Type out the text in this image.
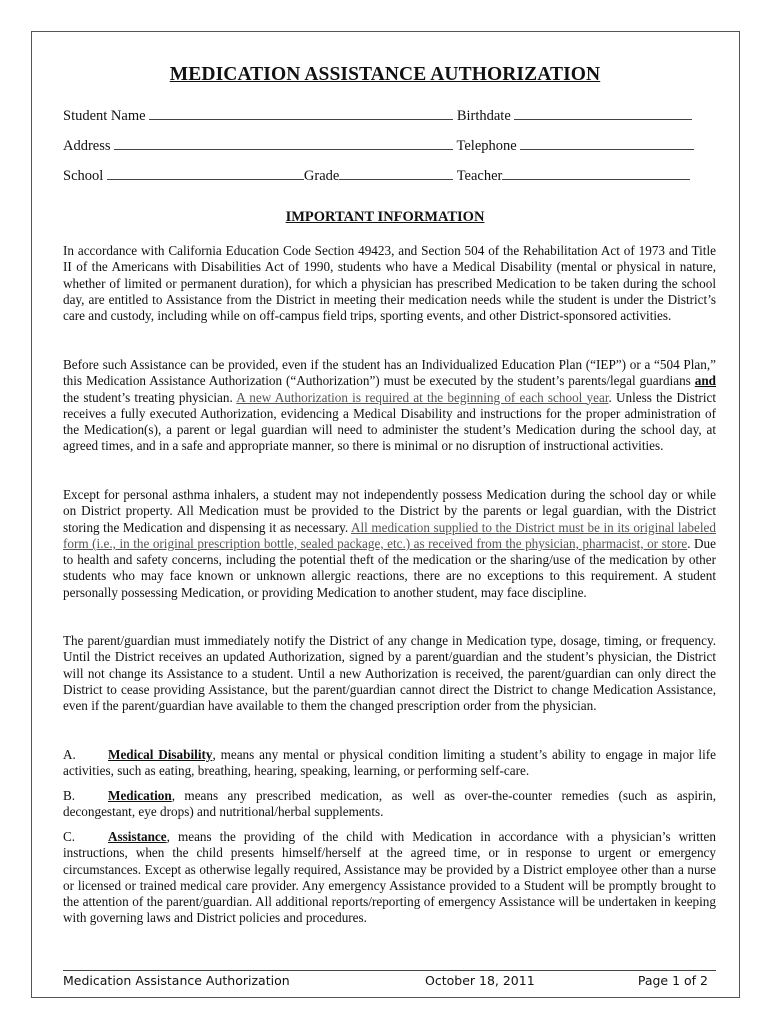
MEDICATION ASSISTANCE AUTHORIZATION
Student Name	Birthdate
Address	Telephone
School	Grade	Teacher
IMPORTANT INFORMATION

In accordance with California Education Code Section 49423, and Section 504 of the Rehabilitation Act of 1973 and Title II of the Americans with Disabilities Act of 1990, students who have a Medical Disability (mental or physical in nature, whether of limited or permanent duration), for which a physician has prescribed Medication to be taken during the school day, are entitled to Assistance from the District in meeting their medication needs while the student is under the District’s care and custody, including while on off-campus field trips, sporting events, and other District-sponsored activities.

Before such Assistance can be provided, even if the student has an Individualized Education Plan (“IEP”) or a “504 Plan,” this Medication Assistance Authorization (“Authorization”) must be executed by the student’s parents/legal guardians and the student’s treating physician. A new Authorization is required at the beginning of each school year. Unless the District receives a fully executed Authorization, evidencing a Medical Disability and instructions for the proper administration of the Medication(s), a parent or legal guardian will need to administer the student’s Medication during the school day, at agreed times, and in a safe and appropriate manner, so there is minimal or no disruption of instructional activities.

Except for personal asthma inhalers, a student may not independently possess Medication during the school day or while on District property. All Medication must be provided to the District by the parents or legal guardian, with the District storing the Medication and dispensing it as necessary. All medication supplied to the District must be in its original labeled form (i.e., in the original prescription bottle, sealed package, etc.) as received from the physician, pharmacist, or store. Due to health and safety concerns, including the potential theft of the medication or the sharing/use of the medication by other students who may face known or unknown allergic reactions, there are no exceptions to this requirement. A student personally possessing Medication, or providing Medication to another student, may face discipline.

The parent/guardian must immediately notify the District of any change in Medication type, dosage, timing, or frequency. Until the District receives an updated Authorization, signed by a parent/guardian and the student’s physician, the District will not change its Assistance to a student. Until a new Authorization is received, the parent/guardian can only direct the District to cease providing Assistance, but the parent/guardian cannot direct the District to change Medication Assistance, even if the parent/guardian have available to them the changed prescription order from the physician.

A. Medical Disability, means any mental or physical condition limiting a student’s ability to engage in major life activities, such as eating, breathing, hearing, speaking, learning, or performing self-care.

B. Medication, means any prescribed medication, as well as over-the-counter remedies (such as aspirin, decongestant, eye drops) and nutritional/herbal supplements.

C. Assistance, means the providing of the child with Medication in accordance with a physician’s written instructions, when the child presents himself/herself at the agreed time, or in response to urgent or emergency circumstances. Except as otherwise legally required, Assistance may be provided by a District employee other than a nurse or licensed or trained medical care provider. Any emergency Assistance provided to a Student will be promptly brought to the attention of the parent/guardian. All additional reports/reporting of emergency Assistance will be undertaken in keeping with governing laws and District policies and procedures.

Medication Assistance Authorization	October 18, 2011	Page 1 of 2
